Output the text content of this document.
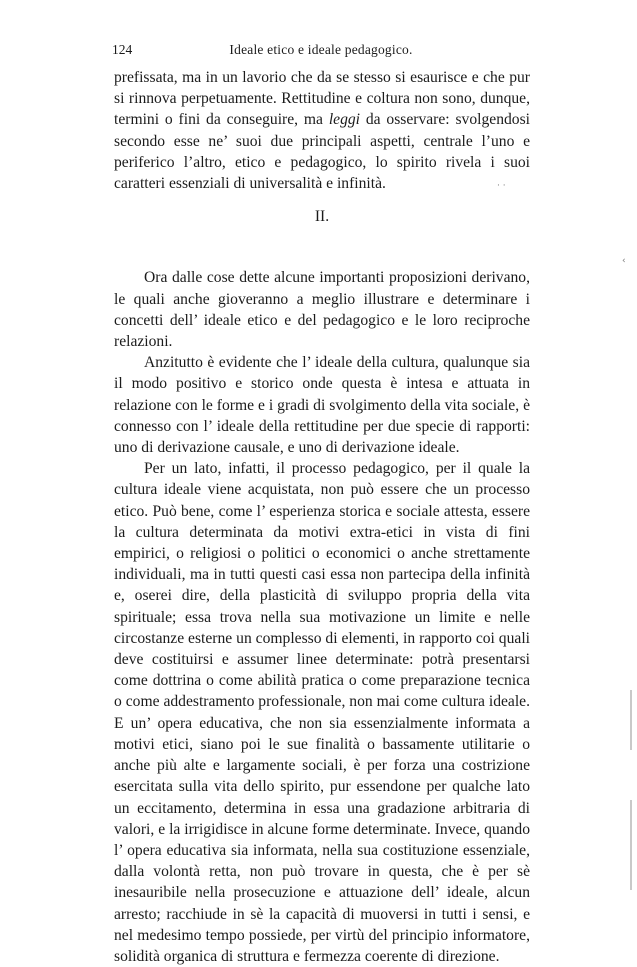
124	Ideale etico e ideale pedagogico.

prefissata, ma in un lavorio che da se stesso si esaurisce e che pur si rinnova perpetuamente. Rettitudine e coltura non sono, dunque, termini o fini da conseguire, ma leggi da osservare: svolgendosi secondo esse ne’ suoi due principali aspetti, centrale l’uno e periferico l’altro, etico e pedagogico, lo spirito rivela i suoi caratteri essenziali di universalità e infinità.

II.

Ora dalle cose dette alcune importanti proposizioni derivano, le quali anche gioveranno a meglio illustrare e determinare i concetti dell’ ideale etico e del pedagogico e le loro reciproche relazioni.

Anzitutto è evidente che l’ ideale della cultura, qualunque sia il modo positivo e storico onde questa è intesa e attuata in relazione con le forme e i gradi di svolgimento della vita sociale, è connesso con l’ ideale della rettitudine per due specie di rapporti: uno di derivazione causale, e uno di derivazione ideale.

Per un lato, infatti, il processo pedagogico, per il quale la cultura ideale viene acquistata, non può essere che un processo etico. Può bene, come l’ esperienza storica e sociale attesta, essere la cultura determinata da motivi extra-etici in vista di fini empirici, o religiosi o politici o economici o anche strettamente individuali, ma in tutti questi casi essa non partecipa della infinità e, oserei dire, della plasticità di sviluppo propria della vita spirituale; essa trova nella sua motivazione un limite e nelle circostanze esterne un complesso di elementi, in rapporto coi quali deve costituirsi e assumer linee determinate: potrà presentarsi come dottrina o come abilità pratica o come preparazione tecnica o come addestramento professionale, non mai come cultura ideale. E un’ opera educativa, che non sia essenzialmente informata a motivi etici, siano poi le sue finalità o bassamente utilitarie o anche più alte e largamente sociali, è per forza una costrizione esercitata sulla vita dello spirito, pur essendone per qualche lato un eccitamento, determina in essa una gradazione arbitraria di valori, e la irrigidisce in alcune forme determinate. Invece, quando l’ opera educativa sia informata, nella sua costituzione essenziale, dalla volontà retta, non può trovare in questa, che è per sè inesauribile nella prosecuzione e attuazione dell’ ideale, alcun arresto; racchiude in sè la capacità di muoversi in tutti i sensi, e nel medesimo tempo possiede, per virtù del principio informatore, solidità organica di struttura e fermezza coerente di direzione.

· ·
‹
